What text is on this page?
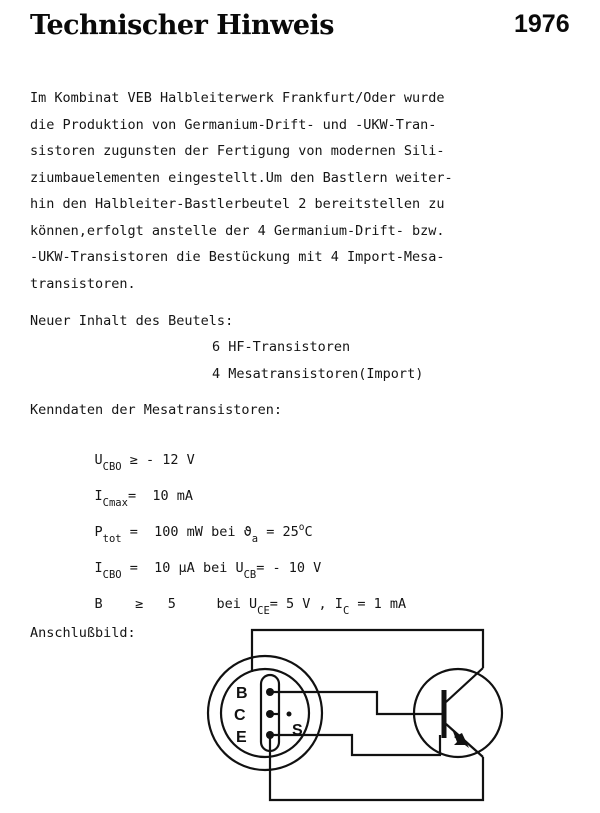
Technischer Hinweis	1976
Im Kombinat VEB Halbleiterwerk Frankfurt/Oder wurde
die Produktion von Germanium-Drift- und -UKW-Tran-
sistoren zugunsten der Fertigung von modernen Sili-
ziumbauelementen eingestellt.Um den Bastlern weiter-
hin den Halbleiter-Bastlerbeutel 2 bereitstellen zu
können,erfolgt anstelle der 4 Germanium-Drift- bzw.
-UKW-Transistoren die Bestückung mit 4 Import-Mesa-
transistoren.
Neuer Inhalt des Beutels:
6 HF-Transistoren
4 Mesatransistoren(Import)
Kenndaten der Mesatransistoren:

$U_{CBO}$ ≥ - 12 V

$I_{Cmax}= 10$ mA

$P_{tot} = 100$ mW bei $ϑ_a = 25^oC$

$I_{CBO} = 10$ µA bei $U_{CB}= - 10$ V

B ≥ 5	bei $U_{CE}= 5$ V , $I_C = 1$ mA

Anschlußbild:
B
C
E	S
